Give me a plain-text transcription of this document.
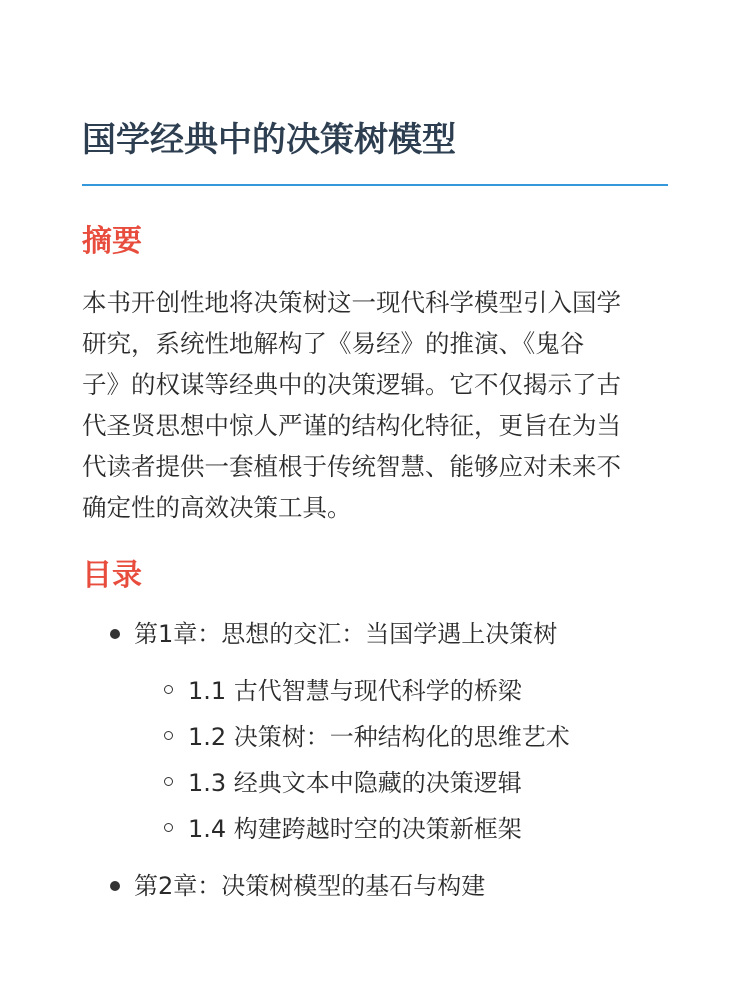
国学经典中的决策树模型
摘要

本书开创性地将决策树这一现代科学模型引入国学
研究，系统性地解构了《易经》的推演、《鬼谷
子》的权谋等经典中的决策逻辑。它不仅揭示了古
代圣贤思想中惊人严谨的结构化特征，更旨在为当
代读者提供一套植根于传统智慧、能够应对未来不
确定性的高效决策工具。

目录
第1章：思想的交汇：当国学遇上决策树
1.1 古代智慧与现代科学的桥梁
1.2 决策树：一种结构化的思维艺术
1.3 经典文本中隐藏的决策逻辑
1.4 构建跨越时空的决策新框架
第2章：决策树模型的基石与构建
